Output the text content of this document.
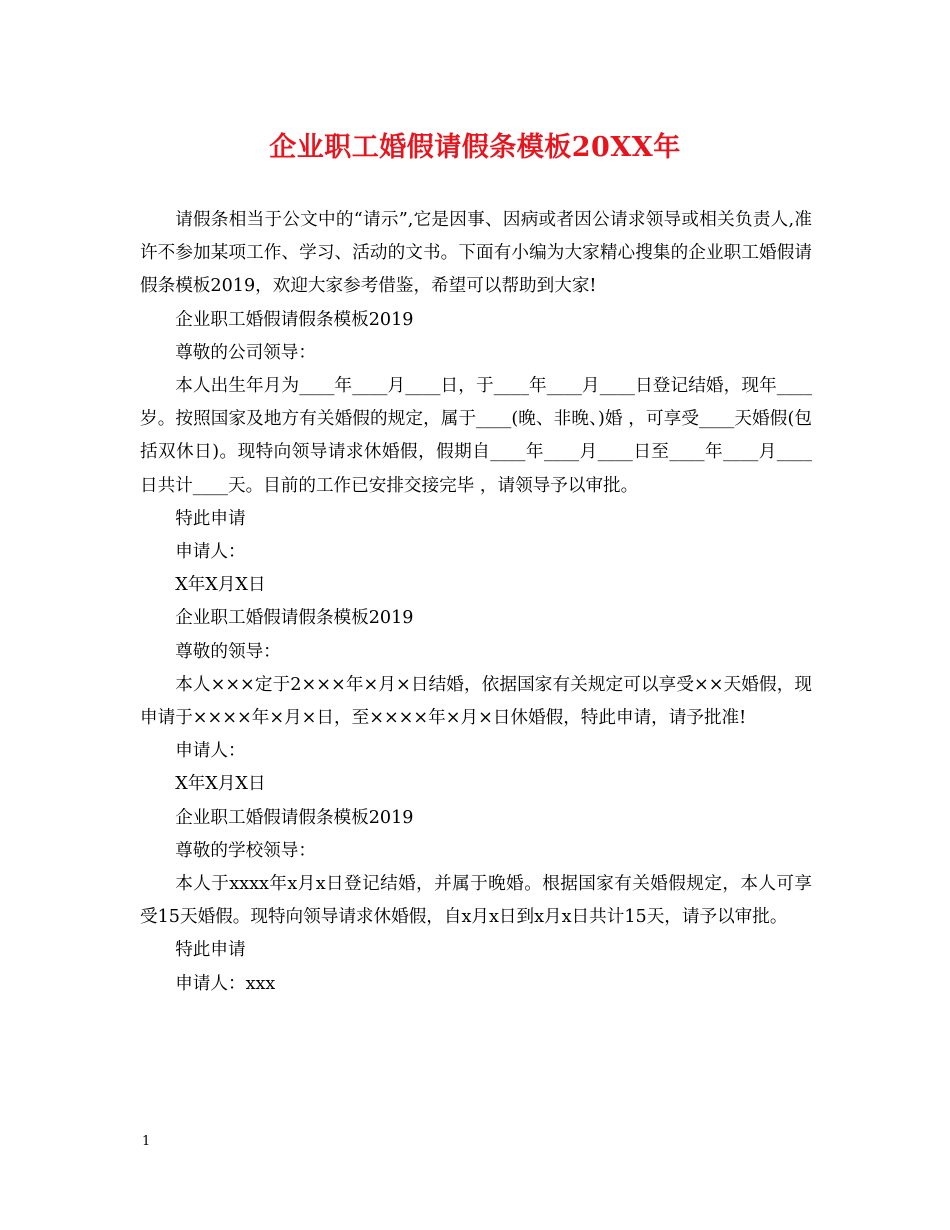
企业职工婚假请假条模板20XX年

请假条相当于公文中的“请示”,它是因事、因病或者因公请求领导或相关负责人,准许不参加某项工作、学习、活动的文书。下面有小编为大家精心搜集的企业职工婚假请假条模板2019，欢迎大家参考借鉴，希望可以帮助到大家!

企业职工婚假请假条模板2019

尊敬的公司领导：

本人出生年月为____年____月____日，于____年____月____日登记结婚，现年____岁。按照国家及地方有关婚假的规定，属于____(晚、非晚、)婚 ，可享受____天婚假(包括双休日)。现特向领导请求休婚假，假期自____年____月____日至____年____月____日共计____天。目前的工作已安排交接完毕 ，请领导予以审批。

特此申请

申请人：

X年X月X日

企业职工婚假请假条模板2019

尊敬的领导：

本人×××定于2×××年×月×日结婚，依据国家有关规定可以享受××天婚假，现申请于××××年×月×日，至××××年×月×日休婚假，特此申请，请予批准!

申请人：

X年X月X日

企业职工婚假请假条模板2019

尊敬的学校领导：

本人于xxxx年x月x日登记结婚，并属于晚婚。根据国家有关婚假规定，本人可享受15天婚假。现特向领导请求休婚假，自x月x日到x月x日共计15天，请予以审批。

特此申请

申请人：xxx

1
